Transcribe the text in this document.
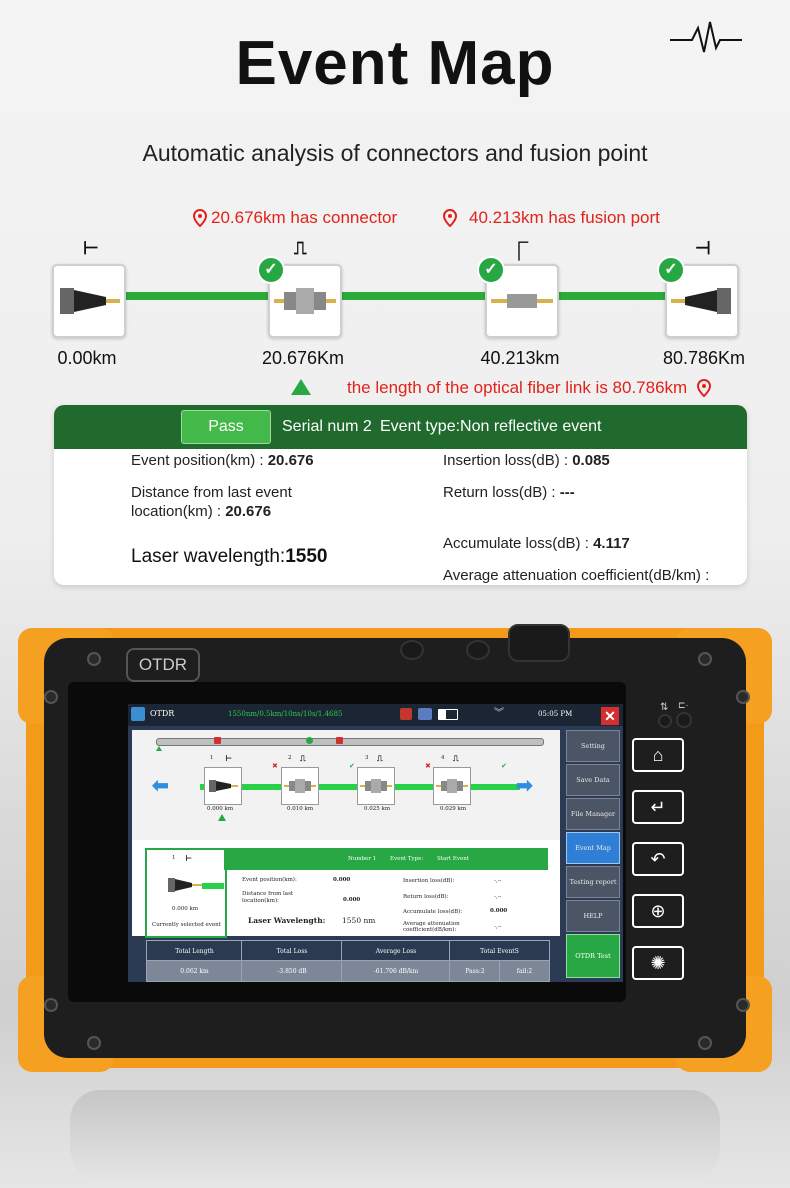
Event Map
Automatic analysis of connectors and fusion point
20.676km has connector	40.213km has fusion port
⊢
0.00km
⎍
✓
20.676Km
⎾
✓
40.213km
⊣
✓
80.786Km
the length of the optical fiber link is 80.786km
Pass	Serial num 2 Event type:Non reflective event
Event position(km) : 20.676
Distance from last event
location(km) : 20.676
Laser wavelength:1550
Insertion loss(dB) : 0.085
Return loss(dB) : ---
Accumulate loss(dB) : 4.117
Average attenuation coefficient(dB/km) :
OTDR
OTDR	1550nm/0.5km/10ns/10s/1.4685	︾	05:05 PM ✕
⬅	➡
1 ⊢
0.000 km
2 ⎍
✖
0.010 km
3 ⎍
✔
0.025 km
4 ⎍
✖
0.029 km
✔
1 ⊢
0.000 km
Currently selected event
Number 1	Event Type: Start Event
Event position(km):	0.000
Distance from last location(km):	0.000
Laser Wavelength: 1550 nm
Insertion loss(dB):	-,--
Return loss(dB):	-,--
Accumulate loss(dB):	0.000
Average attenuation coefficient(dB/km):	-,--
Total Length	Total Loss	Average Loss	Total EventS
0.062 km	-3.850 dB	-61.706 dB/km	Pass:2	fail:2
Setting
Save Data
File Manager
Event Map
Testing report
HELP
OTDR Test
⇅ ⊏·
⌂
↵
↶
⊕
✺
